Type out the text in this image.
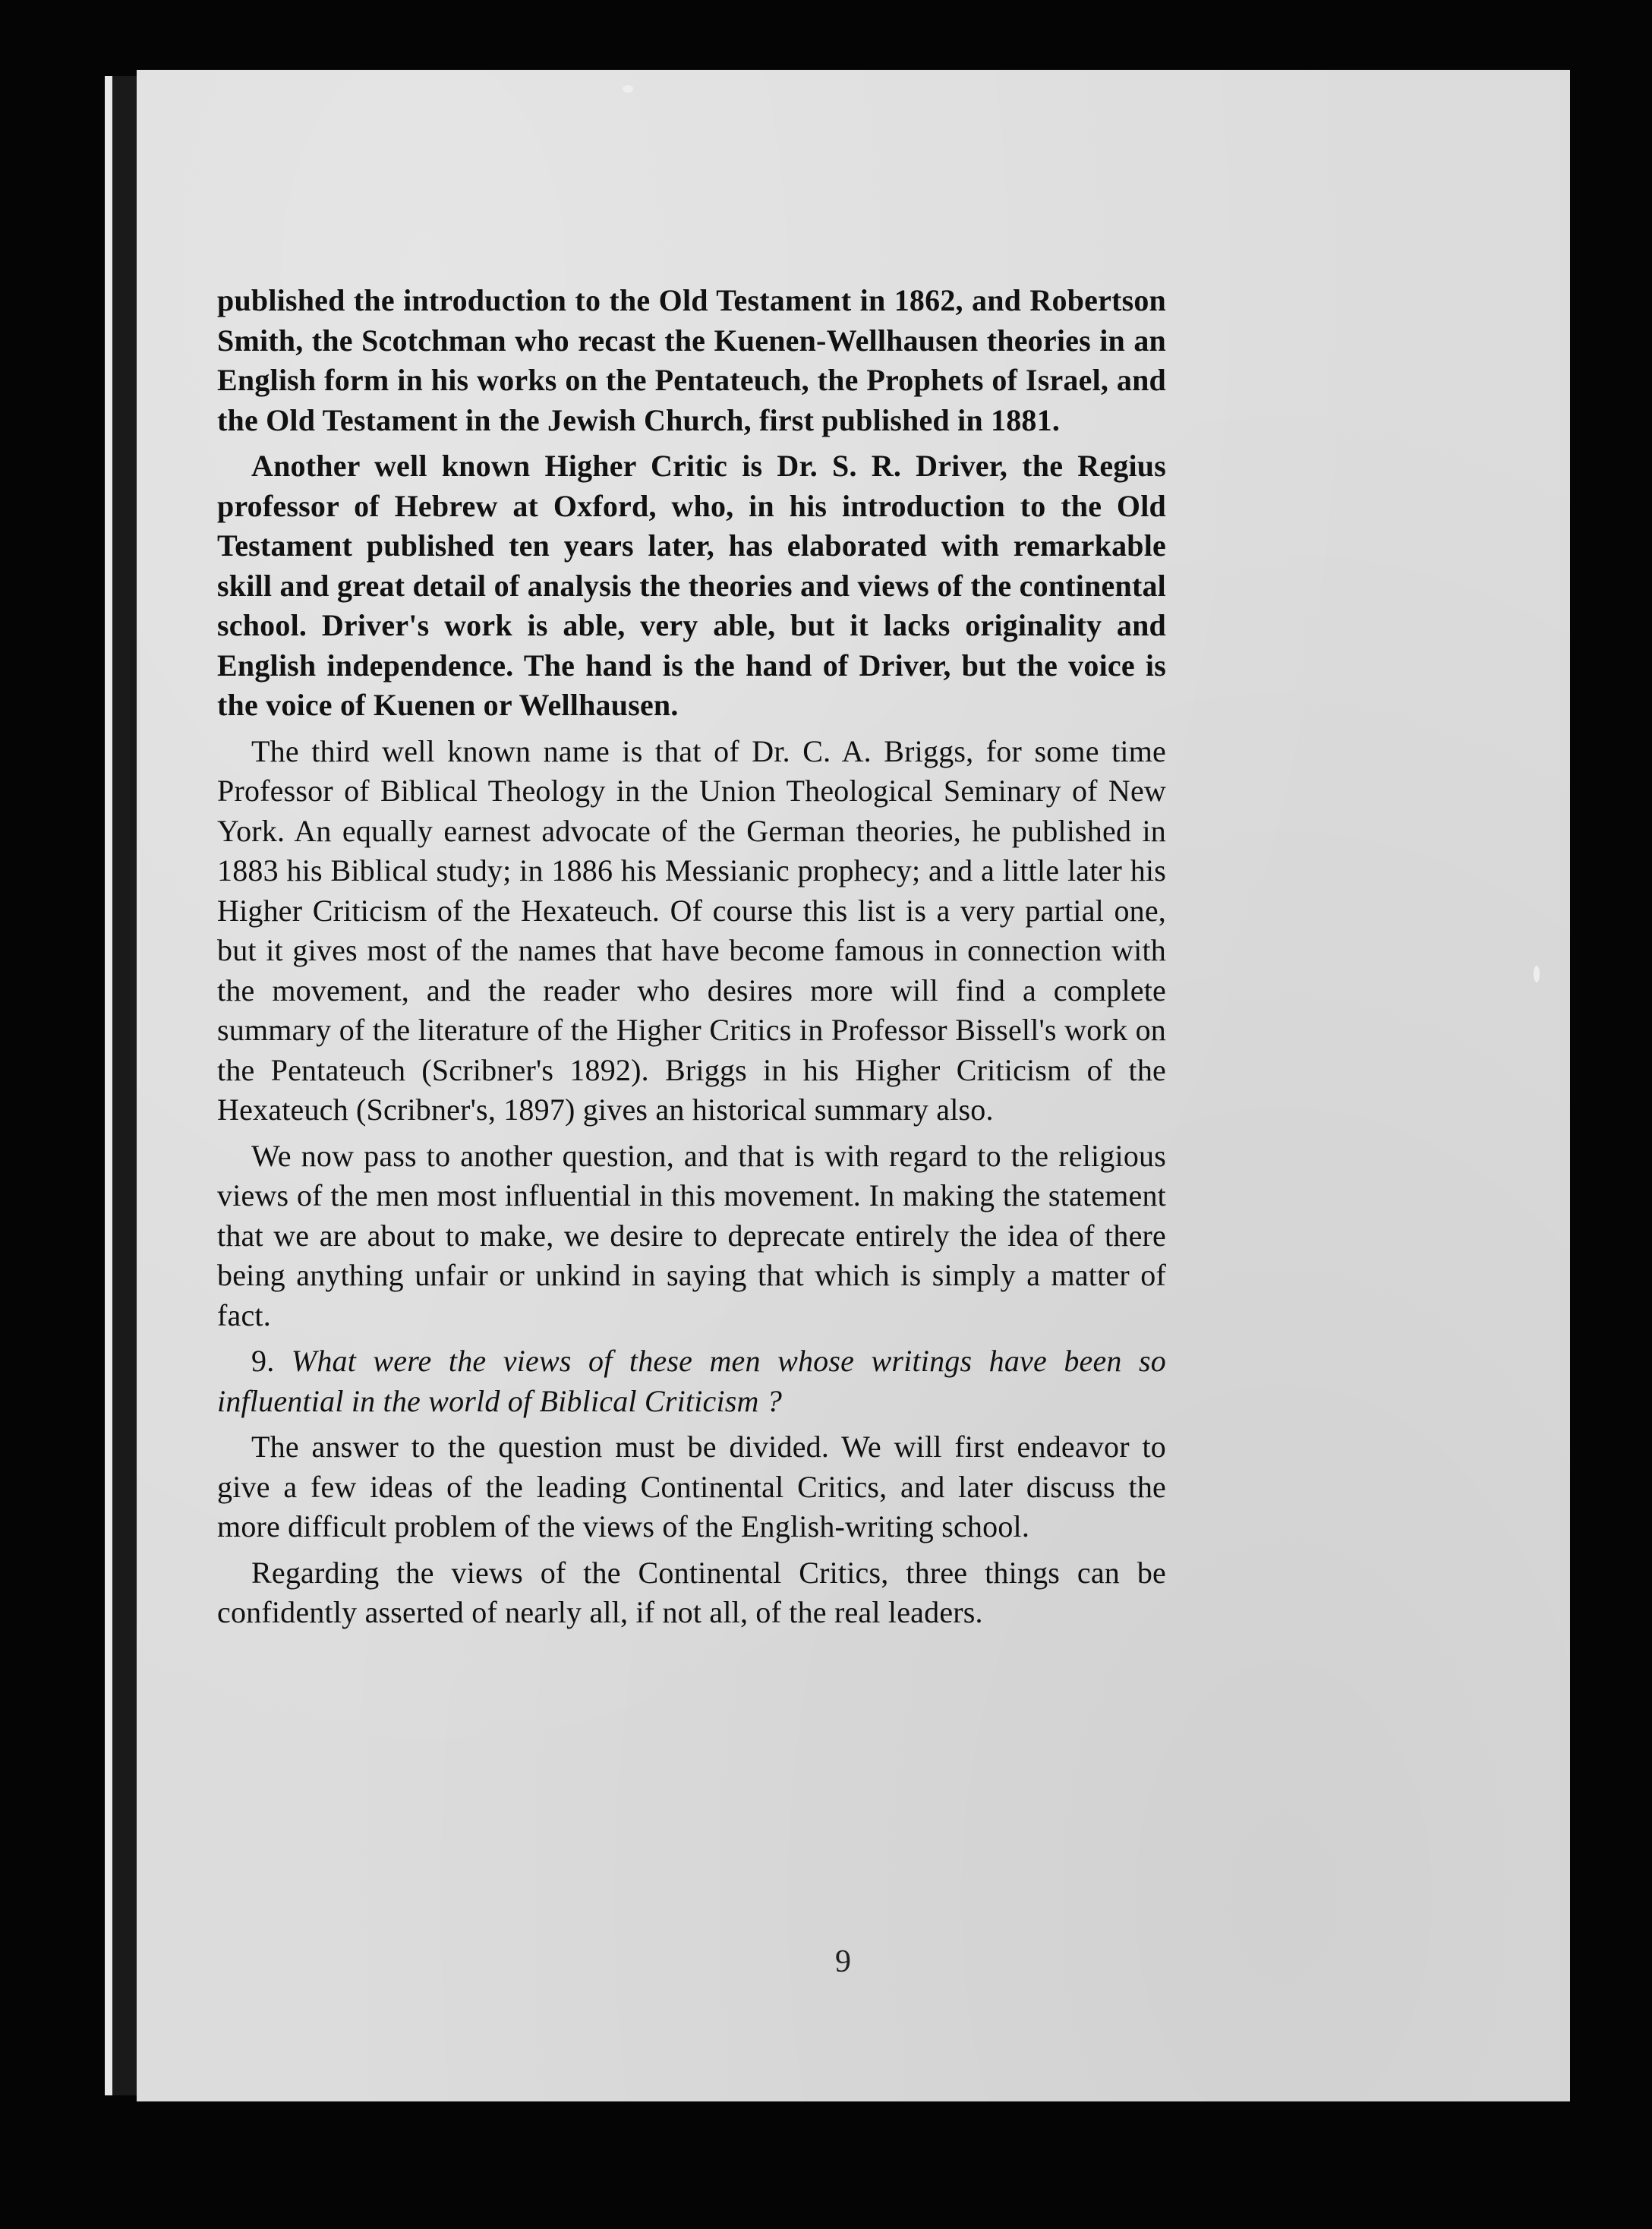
published the introduction to the Old Testament in 1862, and Robertson Smith, the Scotchman who recast the Kuenen-Wellhausen theories in an English form in his works on the Pentateuch, the Prophets of Israel, and the Old Testament in the Jewish Church, first published in 1881.

Another well known Higher Critic is Dr. S. R. Driver, the Regius professor of Hebrew at Oxford, who, in his introduction to the Old Testament published ten years later, has elaborated with remarkable skill and great detail of analysis the theories and views of the continental school. Driver's work is able, very able, but it lacks originality and English independence. The hand is the hand of Driver, but the voice is the voice of Kuenen or Wellhausen.

The third well known name is that of Dr. C. A. Briggs, for some time Professor of Biblical Theology in the Union Theological Seminary of New York. An equally earnest advocate of the German theories, he published in 1883 his Biblical study; in 1886 his Messianic prophecy; and a little later his Higher Criticism of the Hexateuch. Of course this list is a very partial one, but it gives most of the names that have become famous in connection with the movement, and the reader who desires more will find a complete summary of the literature of the Higher Critics in Professor Bissell's work on the Pentateuch (Scribner's 1892). Briggs in his Higher Criticism of the Hexateuch (Scribner's, 1897) gives an historical summary also.

We now pass to another question, and that is with regard to the religious views of the men most influential in this movement. In making the statement that we are about to make, we desire to deprecate entirely the idea of there being anything unfair or unkind in saying that which is simply a matter of fact.

9. What were the views of these men whose writings have been so influential in the world of Biblical Criticism ?

The answer to the question must be divided. We will first endeavor to give a few ideas of the leading Continental Critics, and later discuss the more difficult problem of the views of the English-writing school.

Regarding the views of the Continental Critics, three things can be confidently asserted of nearly all, if not all, of the real leaders.

9
